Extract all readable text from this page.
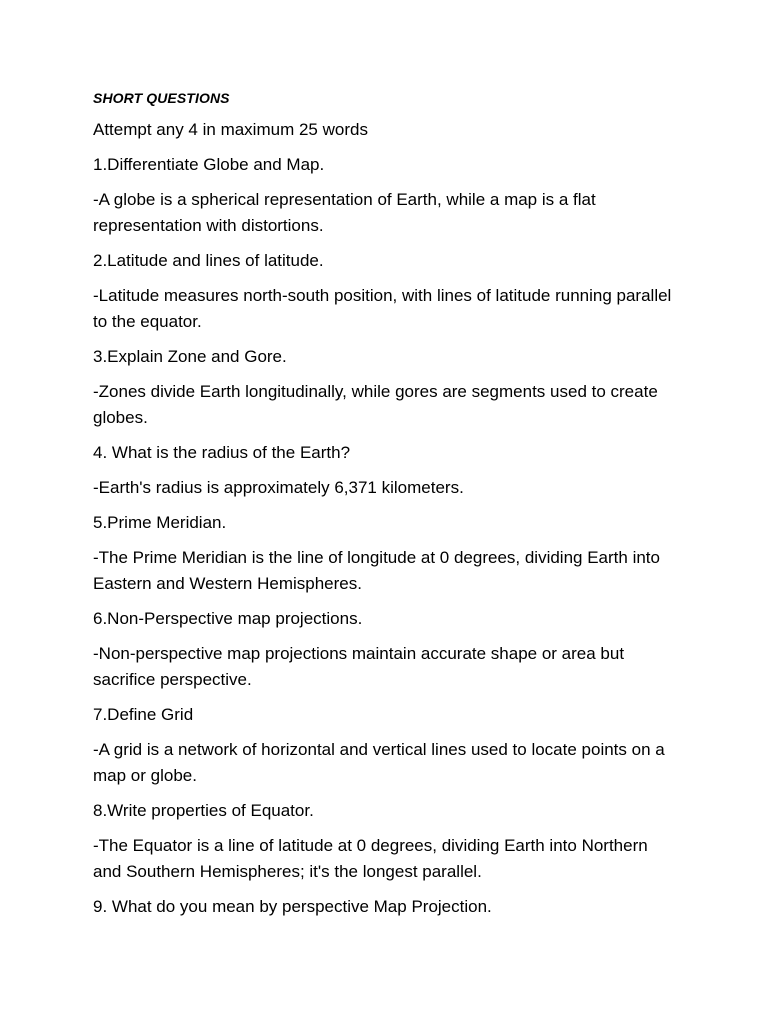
SHORT QUESTIONS
Attempt any 4 in maximum 25 words
1.Differentiate Globe and Map.
-A globe is a spherical representation of Earth, while a map is a flat representation with distortions.
2.Latitude and lines of latitude.
-Latitude measures north-south position, with lines of latitude running parallel to the equator.
3.Explain Zone and Gore.
-Zones divide Earth longitudinally, while gores are segments used to create globes.
4. What is the radius of the Earth?
-Earth's radius is approximately 6,371 kilometers.
5.Prime Meridian.
-The Prime Meridian is the line of longitude at 0 degrees, dividing Earth into Eastern and Western Hemispheres.
6.Non-Perspective map projections.
-Non-perspective map projections maintain accurate shape or area but sacrifice perspective.
7.Define Grid
-A grid is a network of horizontal and vertical lines used to locate points on a map or globe.
8.Write properties of Equator.
-The Equator is a line of latitude at 0 degrees, dividing Earth into Northern and Southern Hemispheres; it's the longest parallel.
9. What do you mean by perspective Map Projection.
